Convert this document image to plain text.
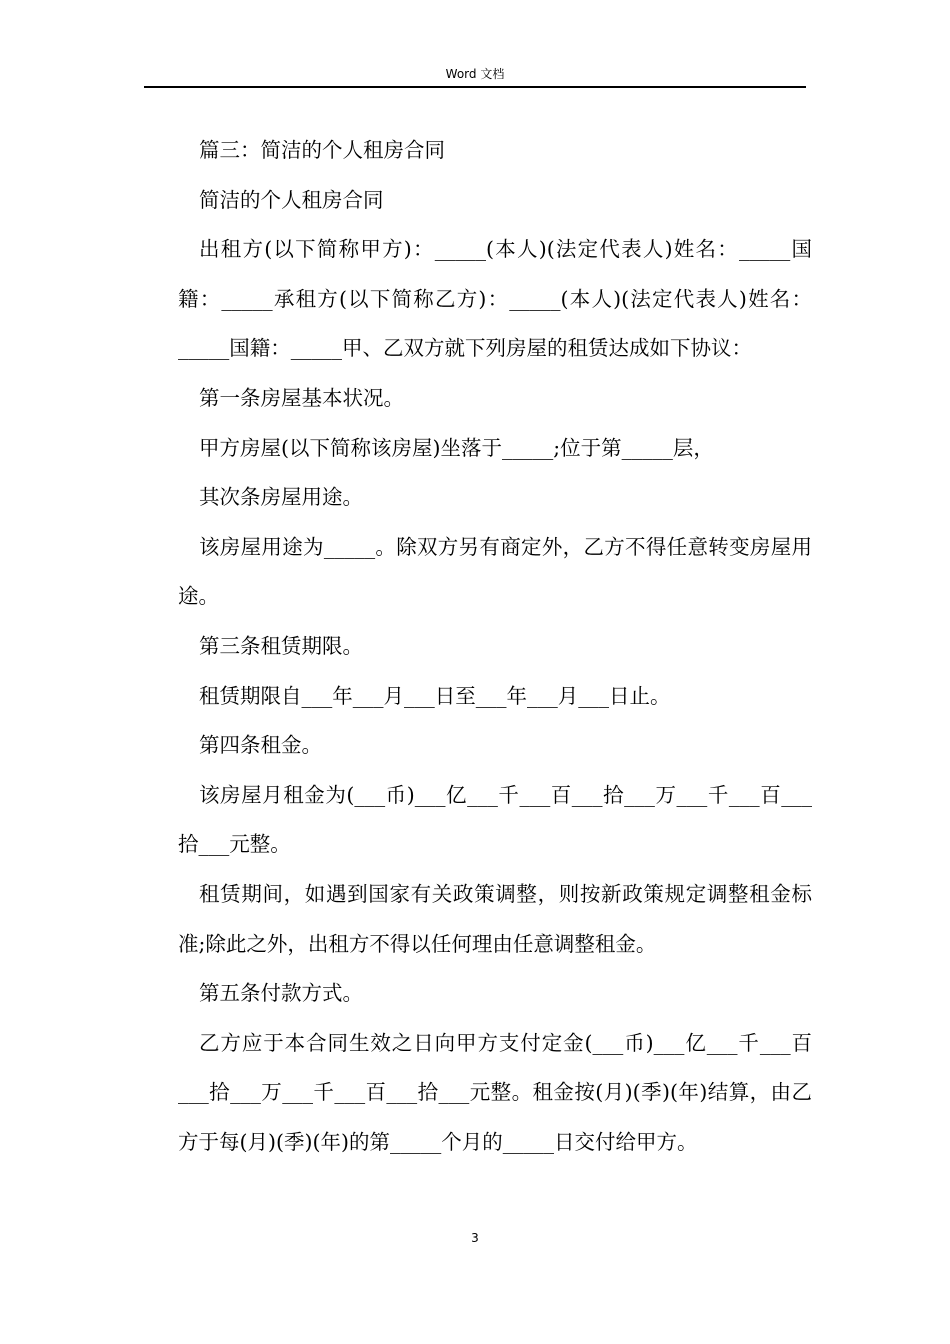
Word 文档

篇三：简洁的个人租房合同

简洁的个人租房合同

出租方(以下简称甲方)：_____(本人)(法定代表人)姓名：_____国籍：_____承租方(以下简称乙方)：_____(本人)(法定代表人)姓名：_____国籍：_____甲、乙双方就下列房屋的租赁达成如下协议：

第一条房屋基本状况。

甲方房屋(以下简称该房屋)坐落于_____;位于第_____层，

其次条房屋用途。

该房屋用途为_____。除双方另有商定外，乙方不得任意转变房屋用途。

第三条租赁期限。

租赁期限自___年___月___日至___年___月___日止。

第四条租金。

该房屋月租金为(___币)___亿___千___百___拾___万___千___百___拾___元整。

租赁期间，如遇到国家有关政策调整，则按新政策规定调整租金标准;除此之外，出租方不得以任何理由任意调整租金。

第五条付款方式。

乙方应于本合同生效之日向甲方支付定金(___币)___亿___千___百___拾___万___千___百___拾___元整。租金按(月)(季)(年)结算，由乙方于每(月)(季)(年)的第_____个月的_____日交付给甲方。

3
